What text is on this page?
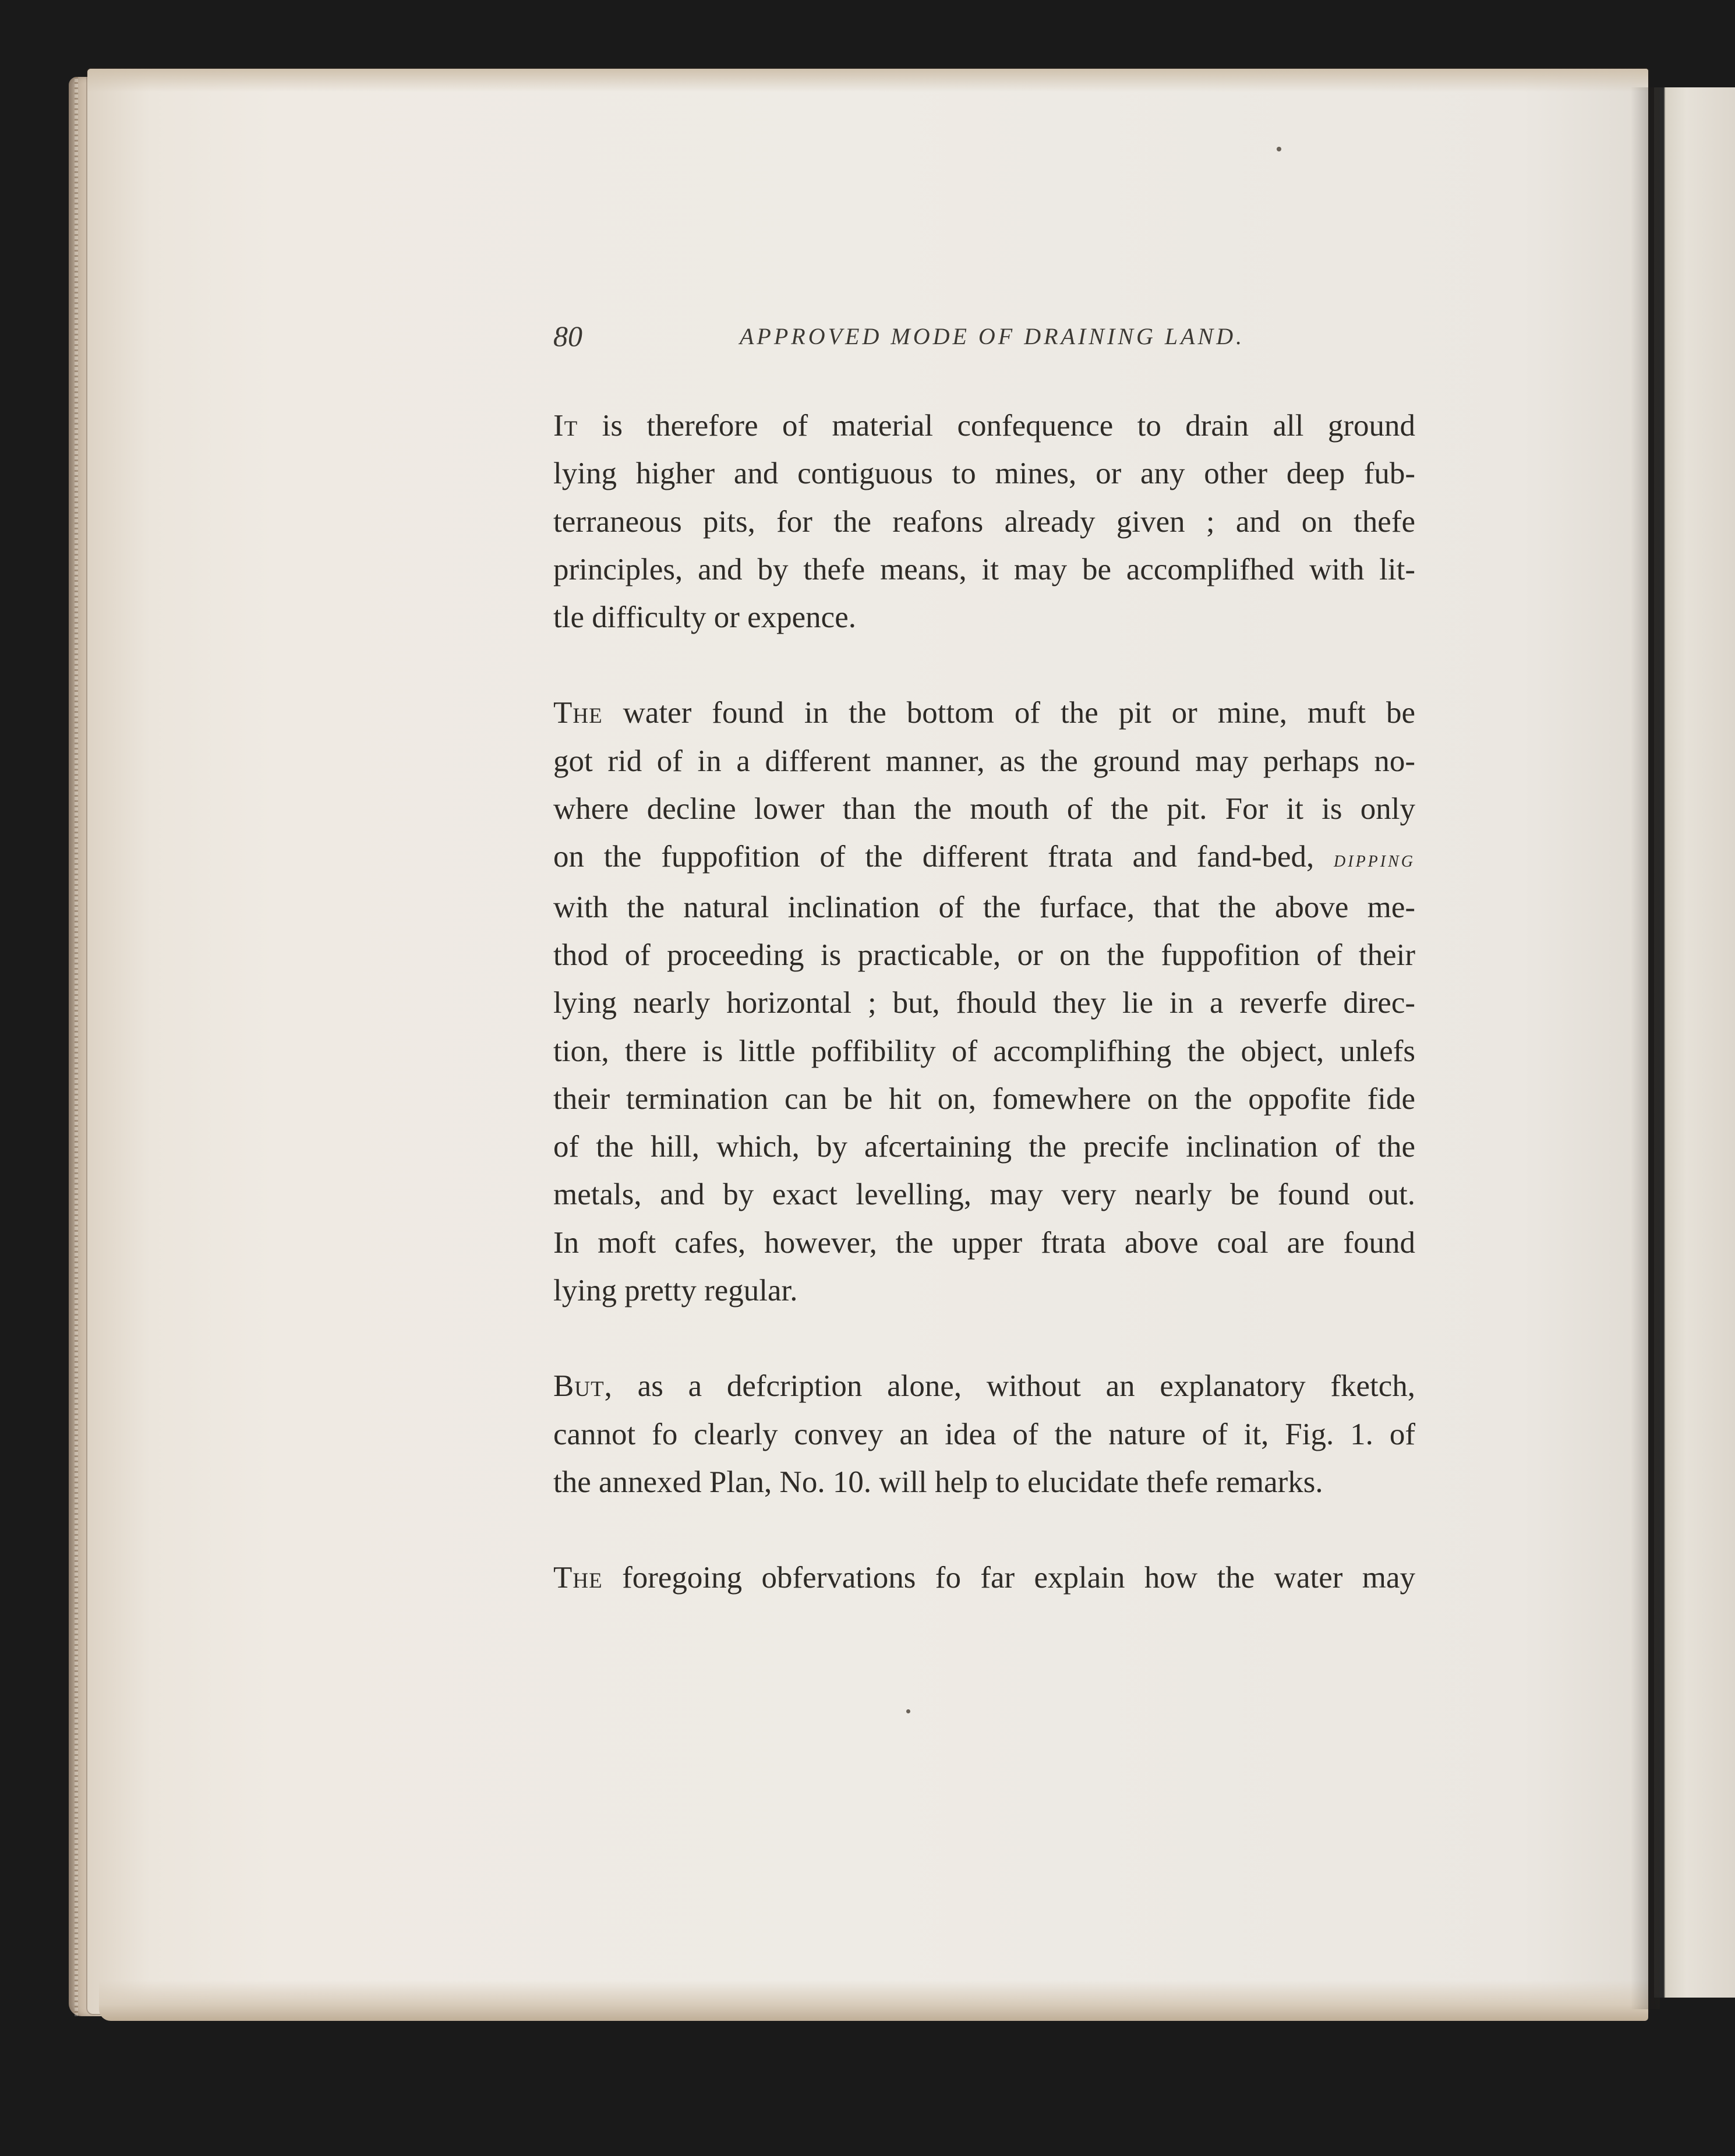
80	APPROVED MODE OF DRAINING LAND.

It is therefore of material confequence to drain all ground
lying higher and contiguous to mines, or any other deep fub-
terraneous pits, for the reafons already given ; and on thefe
principles, and by thefe means, it may be accomplifhed with lit-
tle difficulty or expence.

The water found in the bottom of the pit or mine, muft be
got rid of in a different manner, as the ground may perhaps no-
where decline lower than the mouth of the pit. For it is only
on the fuppofition of the different ftrata and fand-bed, dipping
with the natural inclination of the furface, that the above me-
thod of proceeding is practicable, or on the fuppofition of their
lying nearly horizontal ; but, fhould they lie in a reverfe direc-
tion, there is little poffibility of accomplifhing the object, unlefs
their termination can be hit on, fomewhere on the oppofite fide
of the hill, which, by afcertaining the precife inclination of the
metals, and by exact levelling, may very nearly be found out.
In moft cafes, however, the upper ftrata above coal are found
lying pretty regular.

But, as a defcription alone, without an explanatory fketch,
cannot fo clearly convey an idea of the nature of it, Fig. 1. of
the annexed Plan, No. 10. will help to elucidate thefe remarks.

The foregoing obfervations fo far explain how the water may
